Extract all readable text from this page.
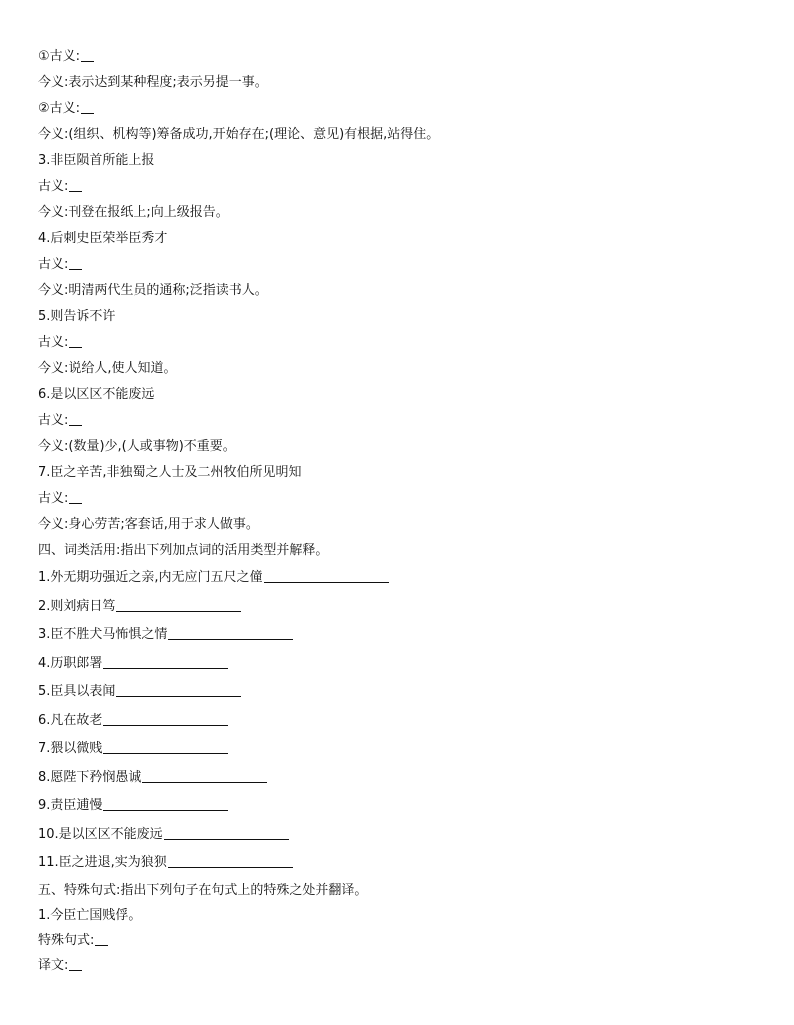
①古义:
今义:表示达到某种程度;表示另提一事。
②古义:
今义:(组织、机构等)筹备成功,开始存在;(理论、意见)有根据,站得住。
3.非臣陨首所能上报
古义:
今义:刊登在报纸上;向上级报告。
4.后刺史臣荣举臣秀才
古义:
今义:明清两代生员的通称;泛指读书人。
5.则告诉不许
古义:
今义:说给人,使人知道。
6.是以区区不能废远
古义:
今义:(数量)少,(人或事物)不重要。
7.臣之辛苦,非独蜀之人士及二州牧伯所见明知
古义:
今义:身心劳苦;客套话,用于求人做事。
四、词类活用:指出下列加点词的活用类型并解释。
1.外无期功强近之亲,内无应门五尺之僮
2.则刘病日笃
3.臣不胜犬马怖惧之情
4.历职郎署
5.臣具以表闻
6.凡在故老
7.猥以微贱
8.愿陛下矜悯愚诚
9.责臣逋慢
10.是以区区不能废远
11.臣之进退,实为狼狈
五、特殊句式:指出下列句子在句式上的特殊之处并翻译。
1.今臣亡国贱俘。
特殊句式:
译文:
